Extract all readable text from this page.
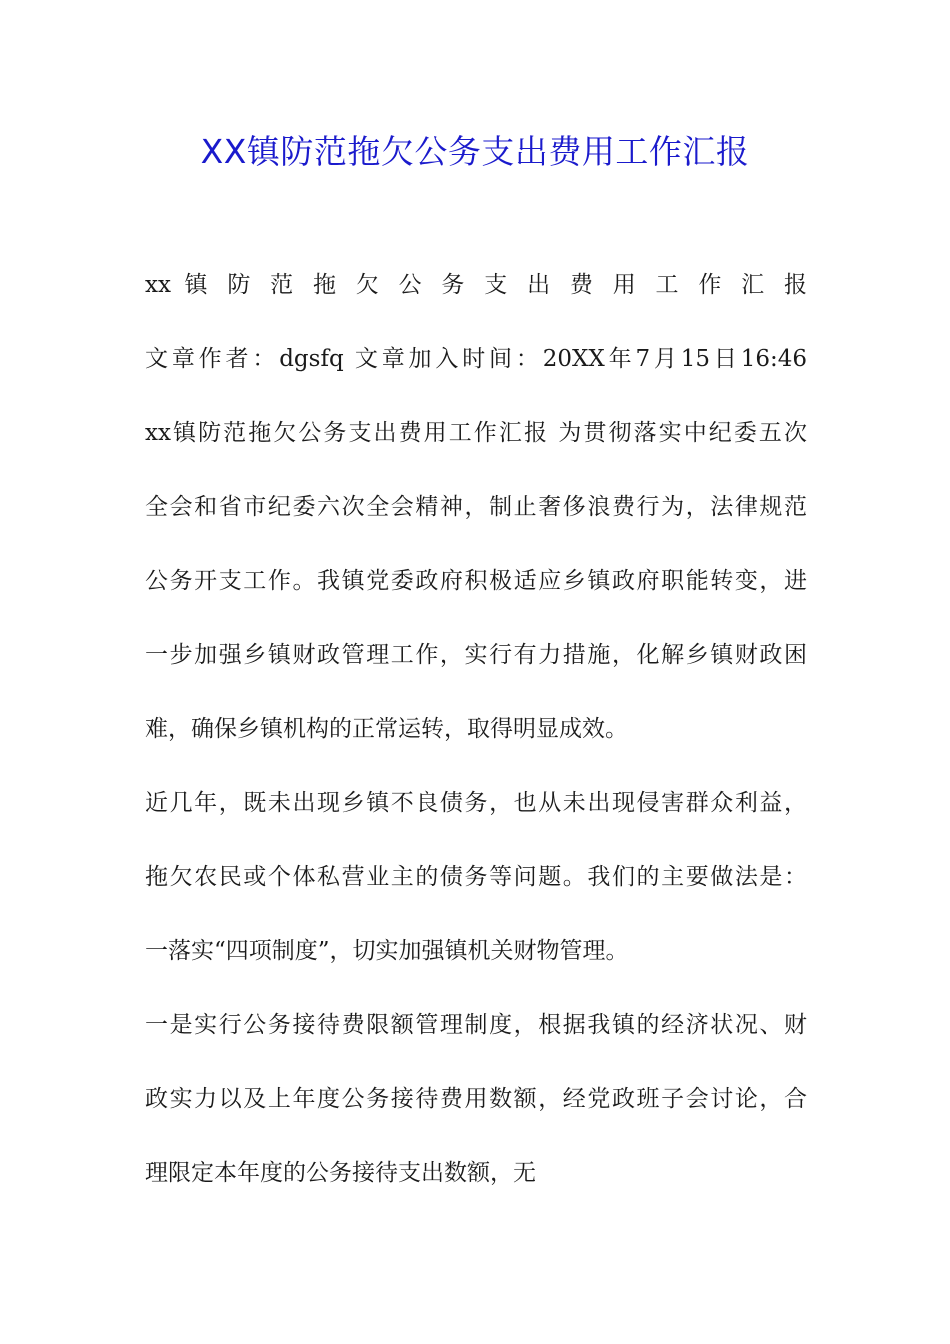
XX镇防范拖欠公务支出费用工作汇报
xx 镇 防 范 拖 欠 公 务 支 出 费 用 工 作 汇 报
文章作者：dgsfq 文章加入时间：20XX年7月15日16:46
xx镇防范拖欠公务支出费用工作汇报 为贯彻落实中纪委五次
全会和省市纪委六次全会精神，制止奢侈浪费行为，法律规范
公务开支工作。我镇党委政府积极适应乡镇政府职能转变，进
一步加强乡镇财政管理工作，实行有力措施，化解乡镇财政困
难，确保乡镇机构的正常运转，取得明显成效。
近几年，既未出现乡镇不良债务，也从未出现侵害群众利益，
拖欠农民或个体私营业主的债务等问题。我们的主要做法是：
一落实“四项制度”，切实加强镇机关财物管理。
一是实行公务接待费限额管理制度，根据我镇的经济状况、财
政实力以及上年度公务接待费用数额，经党政班子会讨论，合
理限定本年度的公务接待支出数额，无
